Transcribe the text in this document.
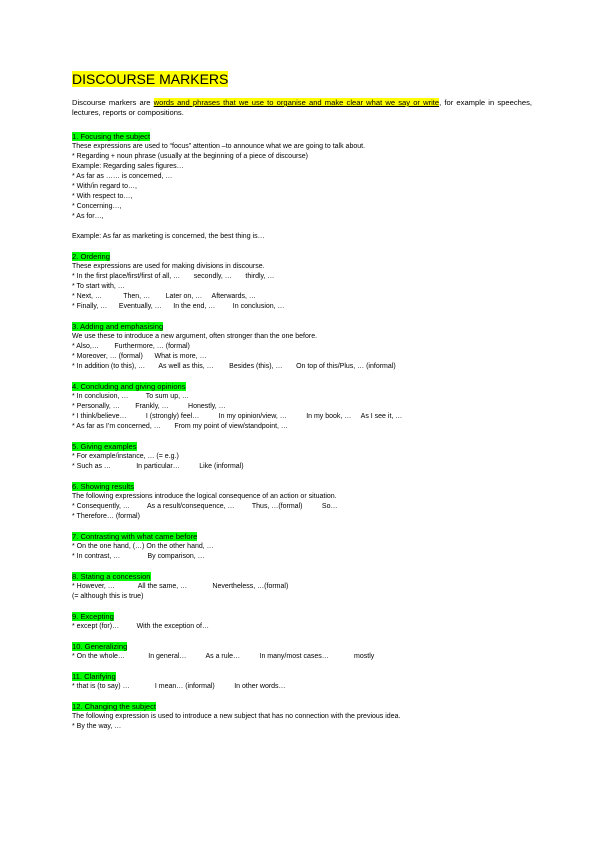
DISCOURSE MARKERS
Discourse markers are words and phrases that we use to organise and make clear what we say or write, for example in speeches, lectures, reports or compositions.
1. Focusing the subject
These expressions are used to “focus” attention –to announce what we are going to talk about.
* Regarding + noun phrase (usually at the beginning of a piece of discourse)
Example: Regarding sales figures…
* As far as …… is concerned, …
* With/in regard to…,
* With respect to…,
* Concerning…,
* As for…,
Example: As far as marketing is concerned, the best thing is…
2. Ordering
These expressions are used for making divisions in discourse.
* In the first place/first/first of all, …       secondly, …       thirdly, …
* To start with, …
* Next, …           Then, …        Later on, …     Afterwards, …
* Finally, …      Eventually, …      In the end, …         In conclusion, …
3. Adding and emphasising
We use these to introduce a new argument, often stronger than the one before.
* Also,…        Furthermore, … (formal)
* Moreover, … (formal)      What is more, …
* In addition (to this), …       As well as this, …        Besides (this), …       On top of this/Plus, … (informal)
4. Concluding and giving opinions
* In conclusion, …         To sum up, …
* Personally, …        Frankly, …          Honestly, …
* I think/believe…          I (strongly) feel…          In my opinion/view, …          In my book, …     As I see it, …
* As far as I’m concerned, …       From my point of view/standpoint, …
5. Giving examples
* For example/instance, … (= e.g.)
* Such as …             In particular…          Like (informal)
6. Showing results
The following expressions introduce the logical consequence of an action or situation.
* Consequently, …         As a result/consequence, …         Thus, …(formal)          So…
* Therefore… (formal)
7. Contrasting with what came before
* On the one hand, (…) On the other hand, …
* In contrast, …              By comparison, …
8. Stating a concession
* However, …            All the same, …             Nevertheless, …(formal)
(= although this is true)
9. Excepting
* except (for)…         With the exception of…
10. Generalizing
* On the whole…            In general…          As a rule…          In many/most cases…             mostly
11. Clarifying
* that is (to say) …             I mean… (informal)          In other words…
12. Changing the subject
The following expression is used to introduce a new subject that has no connection with the previous idea.
* By the way, …
